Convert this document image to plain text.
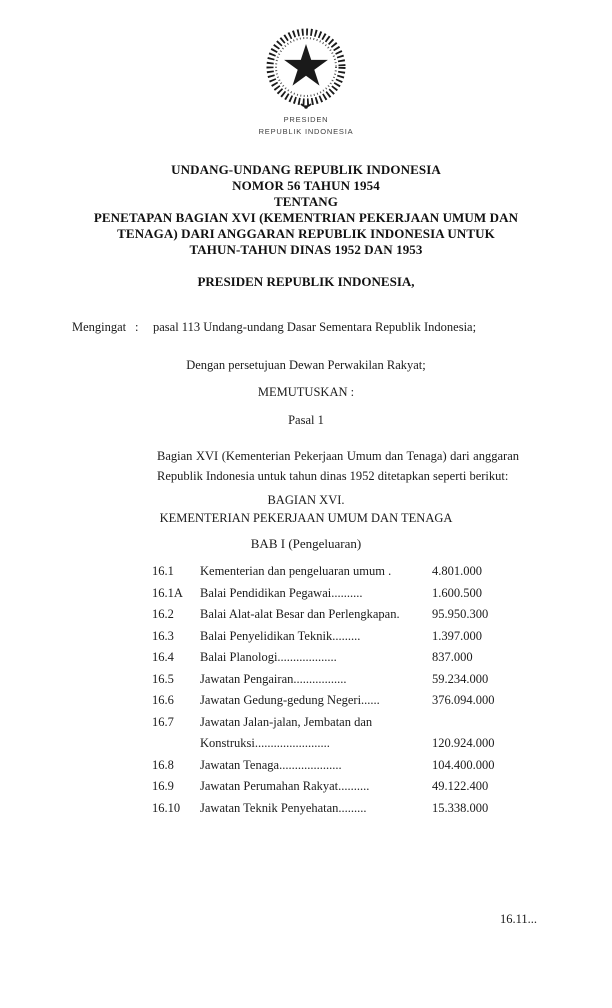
PRESIDEN
REPUBLIK INDONESIA
UNDANG-UNDANG REPUBLIK INDONESIA
NOMOR 56 TAHUN 1954
TENTANG
PENETAPAN BAGIAN XVI (KEMENTRIAN PEKERJAAN UMUM DAN
TENAGA) DARI ANGGARAN REPUBLIK INDONESIA UNTUK
TAHUN-TAHUN DINAS 1952 DAN 1953
PRESIDEN REPUBLIK INDONESIA,
Mengingat :	pasal 113 Undang-undang Dasar Sementara Republik Indonesia;
Dengan persetujuan Dewan Perwakilan Rakyat;
MEMUTUSKAN :
Pasal 1
Bagian XVI (Kementerian Pekerjaan Umum dan Tenaga) dari anggaran
Republik Indonesia untuk tahun dinas 1952 ditetapkan seperti berikut:
BAGIAN XVI.
KEMENTERIAN PEKERJAAN UMUM DAN TENAGA
BAB I (Pengeluaran)
16.1	Kementerian dan pengeluaran umum .	4.801.000
16.1A	Balai Pendidikan Pegawai..........	1.600.500
16.2	Balai Alat-alat Besar dan Perlengkapan.	95.950.300
16.3	Balai Penyelidikan Teknik.........	1.397.000
16.4	Balai Planologi...................	837.000
16.5	Jawatan Pengairan.................	59.234.000
16.6	Jawatan Gedung-gedung Negeri......	376.094.000
16.7	Jawatan Jalan-jalan, Jembatan dan
Konstruksi........................	120.924.000
16.8	Jawatan Tenaga....................	104.400.000
16.9	Jawatan Perumahan Rakyat..........	49.122.400
16.10	Jawatan Teknik Penyehatan.........	15.338.000
16.11...
